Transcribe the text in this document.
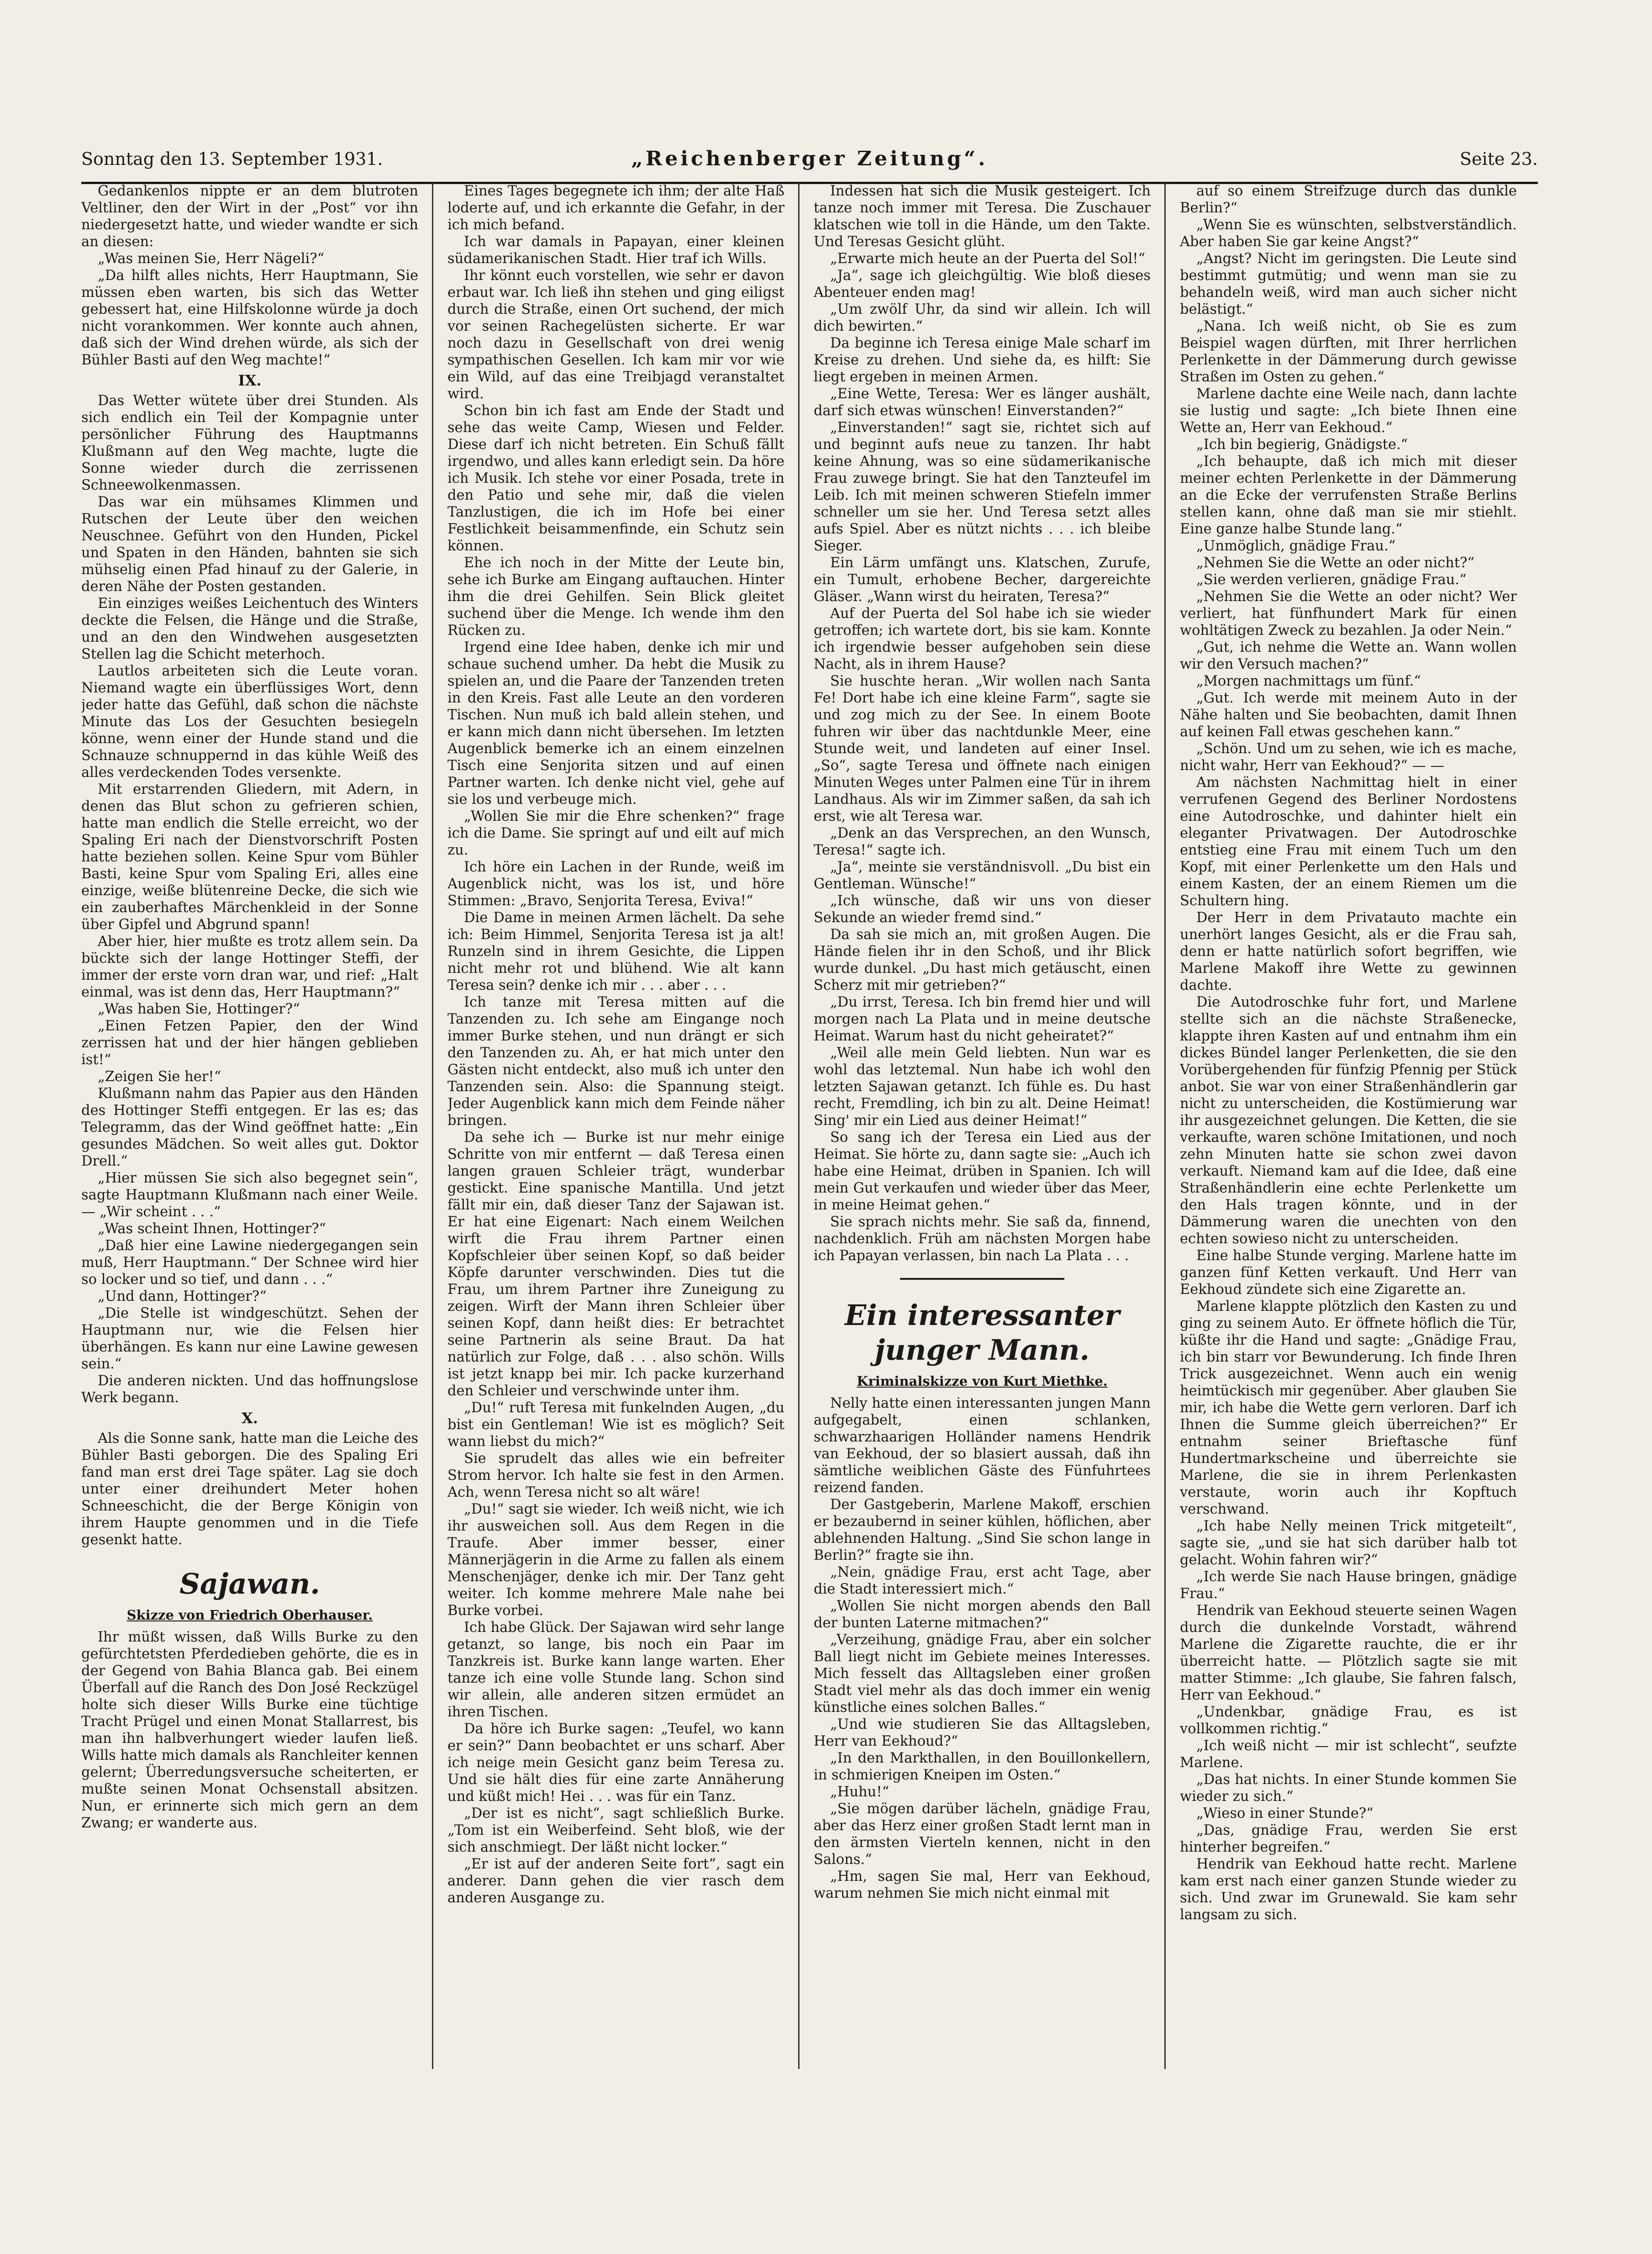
Sonntag den 13. September 1931.	„Reichenberger Zeitung“.	Seite 23.

Gedankenlos nippte er an dem blutroten Veltliner, den der Wirt in der „Post“ vor ihn niedergesetzt hatte, und wieder wandte er sich an diesen:

„Was meinen Sie, Herr Nägeli?“

„Da hilft alles nichts, Herr Hauptmann, Sie müssen eben warten, bis sich das Wetter gebessert hat, eine Hilfskolonne würde ja doch nicht vorankommen. Wer konnte auch ahnen, daß sich der Wind drehen würde, als sich der Bühler Basti auf den Weg machte!“

IX.

Das Wetter wütete über drei Stunden. Als sich endlich ein Teil der Kompagnie unter persönlicher Führung des Hauptmanns Klußmann auf den Weg machte, lugte die Sonne wieder durch die zerrissenen Schneewolkenmassen.

Das war ein mühsames Klimmen und Rutschen der Leute über den weichen Neuschnee. Geführt von den Hunden, Pickel und Spaten in den Händen, bahnten sie sich mühselig einen Pfad hinauf zu der Galerie, in deren Nähe der Posten gestanden.

Ein einziges weißes Leichentuch des Winters deckte die Felsen, die Hänge und die Straße, und an den den Windwehen ausgesetzten Stellen lag die Schicht meterhoch.

Lautlos arbeiteten sich die Leute voran. Niemand wagte ein überflüssiges Wort, denn jeder hatte das Gefühl, daß schon die nächste Minute das Los der Gesuchten besiegeln könne, wenn einer der Hunde stand und die Schnauze schnuppernd in das kühle Weiß des alles verdeckenden Todes versenkte.

Mit erstarrenden Gliedern, mit Adern, in denen das Blut schon zu gefrieren schien, hatte man endlich die Stelle erreicht, wo der Spaling Eri nach der Dienstvorschrift Posten hatte beziehen sollen. Keine Spur vom Bühler Basti, keine Spur vom Spaling Eri, alles eine einzige, weiße blütenreine Decke, die sich wie ein zauberhaftes Märchenkleid in der Sonne über Gipfel und Abgrund spann!

Aber hier, hier mußte es trotz allem sein. Da bückte sich der lange Hottinger Steffi, der immer der erste vorn dran war, und rief: „Halt einmal, was ist denn das, Herr Hauptmann?“

„Was haben Sie, Hottinger?“

„Einen Fetzen Papier, den der Wind zerrissen hat und der hier hängen geblieben ist!“

„Zeigen Sie her!“

Klußmann nahm das Papier aus den Händen des Hottinger Steffi entgegen. Er las es; das Telegramm, das der Wind geöffnet hatte: „Ein gesundes Mädchen. So weit alles gut. Doktor Drell.“

„Hier müssen Sie sich also begegnet sein“, sagte Hauptmann Klußmann nach einer Weile. — „Wir scheint . . .“

„Was scheint Ihnen, Hottinger?“

„Daß hier eine Lawine niedergegangen sein muß, Herr Hauptmann.“ Der Schnee wird hier so locker und so tief, und dann . . .“

„Und dann, Hottinger?“

„Die Stelle ist windgeschützt. Sehen der Hauptmann nur, wie die Felsen hier überhängen. Es kann nur eine Lawine gewesen sein.“

Die anderen nickten. Und das hoffnungslose Werk begann.

X.

Als die Sonne sank, hatte man die Leiche des Bühler Basti geborgen. Die des Spaling Eri fand man erst drei Tage später. Lag sie doch unter einer dreihundert Meter hohen Schneeschicht, die der Berge Königin von ihrem Haupte genommen und in die Tiefe gesenkt hatte.

Sajawan.
Skizze von Friedrich Oberhauser.

Ihr müßt wissen, daß Wills Burke zu den gefürchtetsten Pferdedieben gehörte, die es in der Gegend von Bahia Blanca gab. Bei einem Überfall auf die Ranch des Don José Reckzügel holte sich dieser Wills Burke eine tüchtige Tracht Prügel und einen Monat Stallarrest, bis man ihn halbverhungert wieder laufen ließ. Wills hatte mich damals als Ranchleiter kennen gelernt; Überredungsversuche scheiterten, er mußte seinen Monat Ochsenstall absitzen. Nun, er erinnerte sich mich gern an dem Zwang; er wanderte aus.

Eines Tages begegnete ich ihm; der alte Haß loderte auf, und ich erkannte die Gefahr, in der ich mich befand.

Ich war damals in Papayan, einer kleinen südamerikanischen Stadt. Hier traf ich Wills.

Ihr könnt euch vorstellen, wie sehr er davon erbaut war. Ich ließ ihn stehen und ging eiligst durch die Straße, einen Ort suchend, der mich vor seinen Rachegelüsten sicherte. Er war noch dazu in Gesellschaft von drei wenig sympathischen Gesellen. Ich kam mir vor wie ein Wild, auf das eine Treibjagd veranstaltet wird.

Schon bin ich fast am Ende der Stadt und sehe das weite Camp, Wiesen und Felder. Diese darf ich nicht betreten. Ein Schuß fällt irgendwo, und alles kann erledigt sein. Da höre ich Musik. Ich stehe vor einer Posada, trete in den Patio und sehe mir, daß die vielen Tanzlustigen, die ich im Hofe bei einer Festlichkeit beisammenfinde, ein Schutz sein können.

Ehe ich noch in der Mitte der Leute bin, sehe ich Burke am Eingang auftauchen. Hinter ihm die drei Gehilfen. Sein Blick gleitet suchend über die Menge. Ich wende ihm den Rücken zu.

Irgend eine Idee haben, denke ich mir und schaue suchend umher. Da hebt die Musik zu spielen an, und die Paare der Tanzenden treten in den Kreis. Fast alle Leute an den vorderen Tischen. Nun muß ich bald allein stehen, und er kann mich dann nicht übersehen. Im letzten Augenblick bemerke ich an einem einzelnen Tisch eine Senjorita sitzen und auf einen Partner warten. Ich denke nicht viel, gehe auf sie los und verbeuge mich.

„Wollen Sie mir die Ehre schenken?“ frage ich die Dame. Sie springt auf und eilt auf mich zu.

Ich höre ein Lachen in der Runde, weiß im Augenblick nicht, was los ist, und höre Stimmen: „Bravo, Senjorita Teresa, Eviva!“

Die Dame in meinen Armen lächelt. Da sehe ich: Beim Himmel, Senjorita Teresa ist ja alt! Runzeln sind in ihrem Gesichte, die Lippen nicht mehr rot und blühend. Wie alt kann Teresa sein? denke ich mir . . . aber . . .

Ich tanze mit Teresa mitten auf die Tanzenden zu. Ich sehe am Eingange noch immer Burke stehen, und nun drängt er sich den Tanzenden zu. Ah, er hat mich unter den Gästen nicht entdeckt, also muß ich unter den Tanzenden sein. Also: die Spannung steigt. Jeder Augenblick kann mich dem Feinde näher bringen.

Da sehe ich — Burke ist nur mehr einige Schritte von mir entfernt — daß Teresa einen langen grauen Schleier trägt, wunderbar gestickt. Eine spanische Mantilla. Und jetzt fällt mir ein, daß dieser Tanz der Sajawan ist. Er hat eine Eigenart: Nach einem Weilchen wirft die Frau ihrem Partner einen Kopfschleier über seinen Kopf, so daß beider Köpfe darunter verschwinden. Dies tut die Frau, um ihrem Partner ihre Zuneigung zu zeigen. Wirft der Mann ihren Schleier über seinen Kopf, dann heißt dies: Er betrachtet seine Partnerin als seine Braut. Da hat natürlich zur Folge, daß . . . also schön. Wills ist jetzt knapp bei mir. Ich packe kurzerhand den Schleier und verschwinde unter ihm.

„Du!“ ruft Teresa mit funkelnden Augen, „du bist ein Gentleman! Wie ist es möglich? Seit wann liebst du mich?“

Sie sprudelt das alles wie ein befreiter Strom hervor. Ich halte sie fest in den Armen. Ach, wenn Teresa nicht so alt wäre!

„Du!“ sagt sie wieder. Ich weiß nicht, wie ich ihr ausweichen soll. Aus dem Regen in die Traufe. Aber immer besser, einer Männerjägerin in die Arme zu fallen als einem Menschenjäger, denke ich mir. Der Tanz geht weiter. Ich komme mehrere Male nahe bei Burke vorbei.

Ich habe Glück. Der Sajawan wird sehr lange getanzt, so lange, bis noch ein Paar im Tanzkreis ist. Burke kann lange warten. Eher tanze ich eine volle Stunde lang. Schon sind wir allein, alle anderen sitzen ermüdet an ihren Tischen.

Da höre ich Burke sagen: „Teufel, wo kann er sein?“ Dann beobachtet er uns scharf. Aber ich neige mein Gesicht ganz beim Teresa zu. Und sie hält dies für eine zarte Annäherung und küßt mich! Hei . . . was für ein Tanz.

„Der ist es nicht“, sagt schließlich Burke. „Tom ist ein Weiberfeind. Seht bloß, wie der sich anschmiegt. Der läßt nicht locker.“

„Er ist auf der anderen Seite fort“, sagt ein anderer. Dann gehen die vier rasch dem anderen Ausgange zu.

Indessen hat sich die Musik gesteigert. Ich tanze noch immer mit Teresa. Die Zuschauer klatschen wie toll in die Hände, um den Takte. Und Teresas Gesicht glüht.

„Erwarte mich heute an der Puerta del Sol!“

„Ja“, sage ich gleichgültig. Wie bloß dieses Abenteuer enden mag!

„Um zwölf Uhr, da sind wir allein. Ich will dich bewirten.“

Da beginne ich Teresa einige Male scharf im Kreise zu drehen. Und siehe da, es hilft: Sie liegt ergeben in meinen Armen.

„Eine Wette, Teresa: Wer es länger aushält, darf sich etwas wünschen! Einverstanden?“

„Einverstanden!“ sagt sie, richtet sich auf und beginnt aufs neue zu tanzen. Ihr habt keine Ahnung, was so eine südamerikanische Frau zuwege bringt. Sie hat den Tanzteufel im Leib. Ich mit meinen schweren Stiefeln immer schneller um sie her. Und Teresa setzt alles aufs Spiel. Aber es nützt nichts . . . ich bleibe Sieger.

Ein Lärm umfängt uns. Klatschen, Zurufe, ein Tumult, erhobene Becher, dargereichte Gläser. „Wann wirst du heiraten, Teresa?“

Auf der Puerta del Sol habe ich sie wieder getroffen; ich wartete dort, bis sie kam. Konnte ich irgendwie besser aufgehoben sein diese Nacht, als in ihrem Hause?

Sie huschte heran. „Wir wollen nach Santa Fe! Dort habe ich eine kleine Farm“, sagte sie und zog mich zu der See. In einem Boote fuhren wir über das nachtdunkle Meer, eine Stunde weit, und landeten auf einer Insel. „So“, sagte Teresa und öffnete nach einigen Minuten Weges unter Palmen eine Tür in ihrem Landhaus. Als wir im Zimmer saßen, da sah ich erst, wie alt Teresa war.

„Denk an das Versprechen, an den Wunsch, Teresa!“ sagte ich.

„Ja“, meinte sie verständnisvoll. „Du bist ein Gentleman. Wünsche!“

„Ich wünsche, daß wir uns von dieser Sekunde an wieder fremd sind.“

Da sah sie mich an, mit großen Augen. Die Hände fielen ihr in den Schoß, und ihr Blick wurde dunkel. „Du hast mich getäuscht, einen Scherz mit mir getrieben?“

„Du irrst, Teresa. Ich bin fremd hier und will morgen nach La Plata und in meine deutsche Heimat. Warum hast du nicht geheiratet?“

„Weil alle mein Geld liebten. Nun war es wohl das letztemal. Nun habe ich wohl den letzten Sajawan getanzt. Ich fühle es. Du hast recht, Fremdling, ich bin zu alt. Deine Heimat! Sing' mir ein Lied aus deiner Heimat!“

So sang ich der Teresa ein Lied aus der Heimat. Sie hörte zu, dann sagte sie: „Auch ich habe eine Heimat, drüben in Spanien. Ich will mein Gut verkaufen und wieder über das Meer, in meine Heimat gehen.“

Sie sprach nichts mehr. Sie saß da, finnend, nachdenklich. Früh am nächsten Morgen habe ich Papayan verlassen, bin nach La Plata . . .

Ein interessanter junger Mann.
Kriminalskizze von Kurt Miethke.

Nelly hatte einen interessanten jungen Mann aufgegabelt, einen schlanken, schwarzhaarigen Holländer namens Hendrik van Eekhoud, der so blasiert aussah, daß ihn sämtliche weiblichen Gäste des Fünfuhrtees reizend fanden.

Der Gastgeberin, Marlene Makoff, erschien er bezaubernd in seiner kühlen, höflichen, aber ablehnenden Haltung. „Sind Sie schon lange in Berlin?“ fragte sie ihn.

„Nein, gnädige Frau, erst acht Tage, aber die Stadt interessiert mich.“

„Wollen Sie nicht morgen abends den Ball der bunten Laterne mitmachen?“

„Verzeihung, gnädige Frau, aber ein solcher Ball liegt nicht im Gebiete meines Interesses. Mich fesselt das Alltagsleben einer großen Stadt viel mehr als das doch immer ein wenig künstliche eines solchen Balles.“

„Und wie studieren Sie das Alltagsleben, Herr van Eekhoud?“

„In den Markthallen, in den Bouillonkellern, in schmierigen Kneipen im Osten.“

„Huhu!“

„Sie mögen darüber lächeln, gnädige Frau, aber das Herz einer großen Stadt lernt man in den ärmsten Vierteln kennen, nicht in den Salons.“

„Hm, sagen Sie mal, Herr van Eekhoud, warum nehmen Sie mich nicht einmal mit

auf so einem Streifzuge durch das dunkle Berlin?“

„Wenn Sie es wünschten, selbstverständlich. Aber haben Sie gar keine Angst?“

„Angst? Nicht im geringsten. Die Leute sind bestimmt gutmütig; und wenn man sie zu behandeln weiß, wird man auch sicher nicht belästigt.“

„Nana. Ich weiß nicht, ob Sie es zum Beispiel wagen dürften, mit Ihrer herrlichen Perlenkette in der Dämmerung durch gewisse Straßen im Osten zu gehen.“

Marlene dachte eine Weile nach, dann lachte sie lustig und sagte: „Ich biete Ihnen eine Wette an, Herr van Eekhoud.“

„Ich bin begierig, Gnädigste.“

„Ich behaupte, daß ich mich mit dieser meiner echten Perlenkette in der Dämmerung an die Ecke der verrufensten Straße Berlins stellen kann, ohne daß man sie mir stiehlt. Eine ganze halbe Stunde lang.“

„Unmöglich, gnädige Frau.“

„Nehmen Sie die Wette an oder nicht?“

„Sie werden verlieren, gnädige Frau.“

„Nehmen Sie die Wette an oder nicht? Wer verliert, hat fünfhundert Mark für einen wohltätigen Zweck zu bezahlen. Ja oder Nein.“

„Gut, ich nehme die Wette an. Wann wollen wir den Versuch machen?“

„Morgen nachmittags um fünf.“

„Gut. Ich werde mit meinem Auto in der Nähe halten und Sie beobachten, damit Ihnen auf keinen Fall etwas geschehen kann.“

„Schön. Und um zu sehen, wie ich es mache, nicht wahr, Herr van Eekhoud?“ — —

Am nächsten Nachmittag hielt in einer verrufenen Gegend des Berliner Nordostens eine Autodroschke, und dahinter hielt ein eleganter Privatwagen. Der Autodroschke entstieg eine Frau mit einem Tuch um den Kopf, mit einer Perlenkette um den Hals und einem Kasten, der an einem Riemen um die Schultern hing.

Der Herr in dem Privatauto machte ein unerhört langes Gesicht, als er die Frau sah, denn er hatte natürlich sofort begriffen, wie Marlene Makoff ihre Wette zu gewinnen dachte.

Die Autodroschke fuhr fort, und Marlene stellte sich an die nächste Straßenecke, klappte ihren Kasten auf und entnahm ihm ein dickes Bündel langer Perlenketten, die sie den Vorübergehenden für fünfzig Pfennig per Stück anbot. Sie war von einer Straßenhändlerin gar nicht zu unterscheiden, die Kostümierung war ihr ausgezeichnet gelungen. Die Ketten, die sie verkaufte, waren schöne Imitationen, und noch zehn Minuten hatte sie schon zwei davon verkauft. Niemand kam auf die Idee, daß eine Straßenhändlerin eine echte Perlenkette um den Hals tragen könnte, und in der Dämmerung waren die unechten von den echten sowieso nicht zu unterscheiden.

Eine halbe Stunde verging. Marlene hatte im ganzen fünf Ketten verkauft. Und Herr van Eekhoud zündete sich eine Zigarette an.

Marlene klappte plötzlich den Kasten zu und ging zu seinem Auto. Er öffnete höflich die Tür, küßte ihr die Hand und sagte: „Gnädige Frau, ich bin starr vor Bewunderung. Ich finde Ihren Trick ausgezeichnet. Wenn auch ein wenig heimtückisch mir gegenüber. Aber glauben Sie mir, ich habe die Wette gern verloren. Darf ich Ihnen die Summe gleich überreichen?“ Er entnahm seiner Brieftasche fünf Hundertmarkscheine und überreichte sie Marlene, die sie in ihrem Perlenkasten verstaute, worin auch ihr Kopftuch verschwand.

„Ich habe Nelly meinen Trick mitgeteilt“, sagte sie, „und sie hat sich darüber halb tot gelacht. Wohin fahren wir?“

„Ich werde Sie nach Hause bringen, gnädige Frau.“

Hendrik van Eekhoud steuerte seinen Wagen durch die dunkelnde Vorstadt, während Marlene die Zigarette rauchte, die er ihr überreicht hatte. — Plötzlich sagte sie mit matter Stimme: „Ich glaube, Sie fahren falsch, Herr van Eekhoud.“

„Undenkbar, gnädige Frau, es ist vollkommen richtig.“

„Ich weiß nicht — mir ist schlecht“, seufzte Marlene.

„Das hat nichts. In einer Stunde kommen Sie wieder zu sich.“

„Wieso in einer Stunde?“

„Das, gnädige Frau, werden Sie erst hinterher begreifen.“

Hendrik van Eekhoud hatte recht. Marlene kam erst nach einer ganzen Stunde wieder zu sich. Und zwar im Grunewald. Sie kam sehr langsam zu sich.
